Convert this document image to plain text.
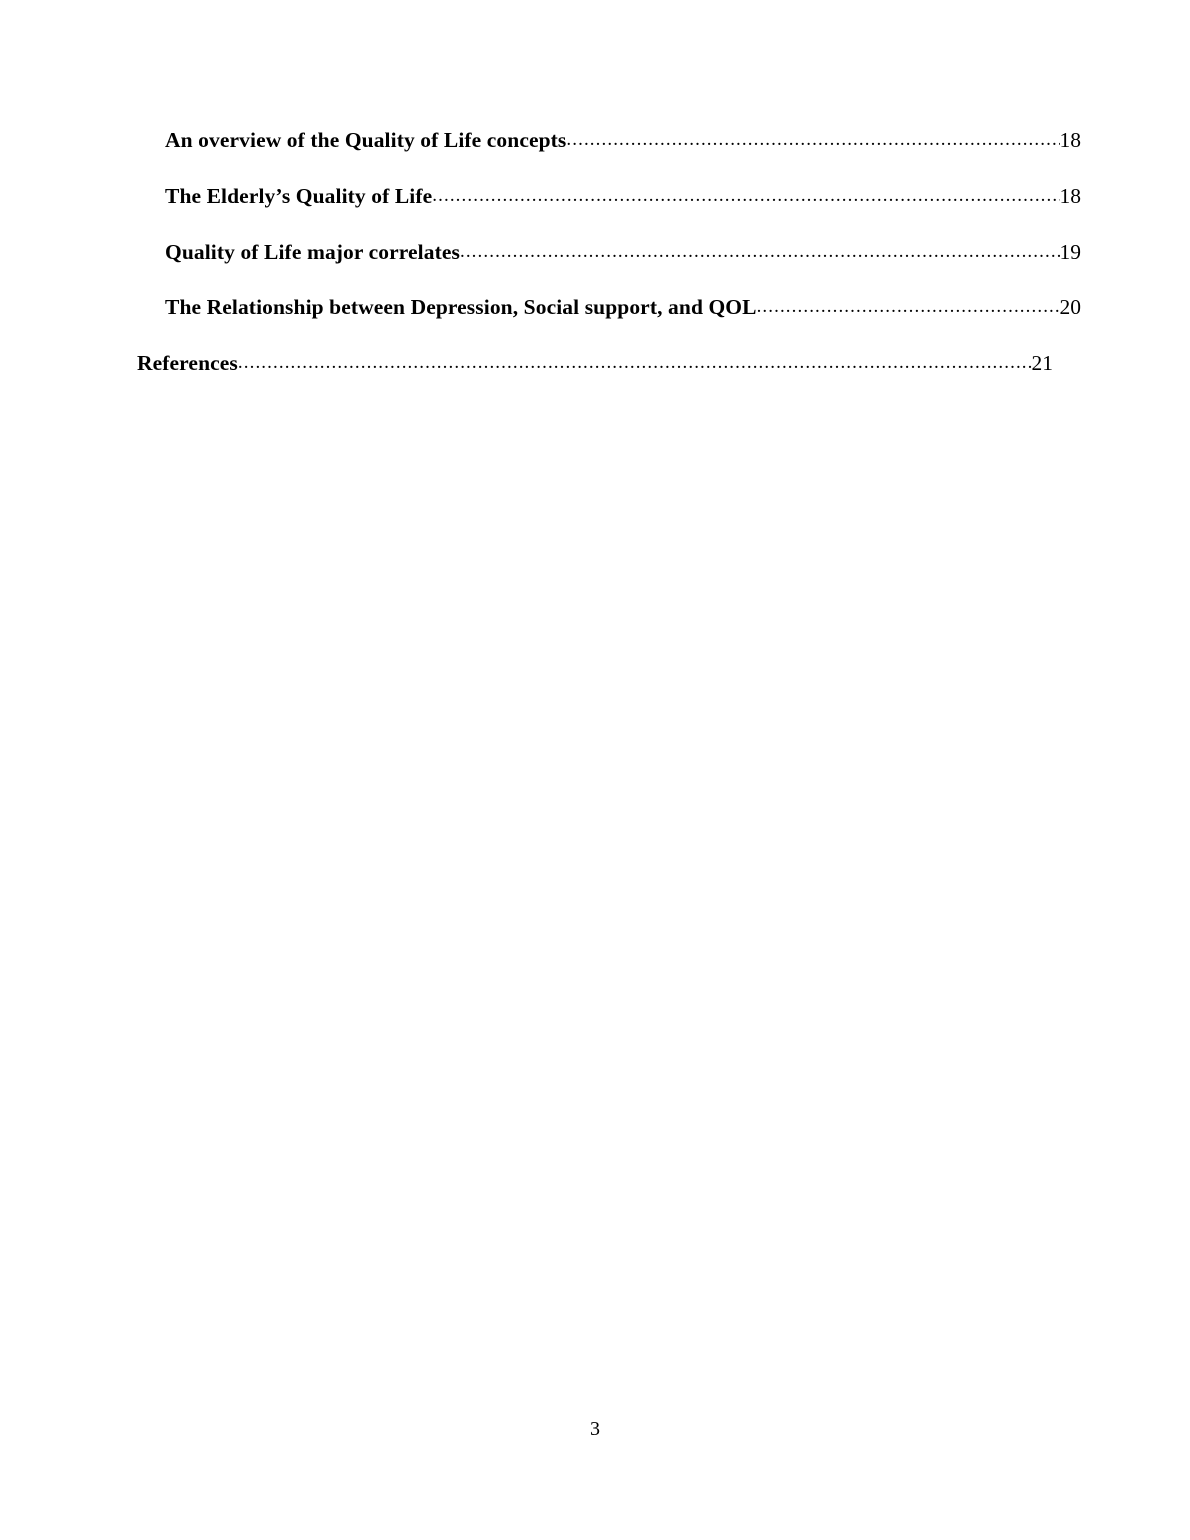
An overview of the Quality of Life concepts .....	18
The Elderly’s Quality of Life .....	18
Quality of Life major correlates .....	19
The Relationship between Depression, Social support, and QOL .....	20
References .....	21
3
